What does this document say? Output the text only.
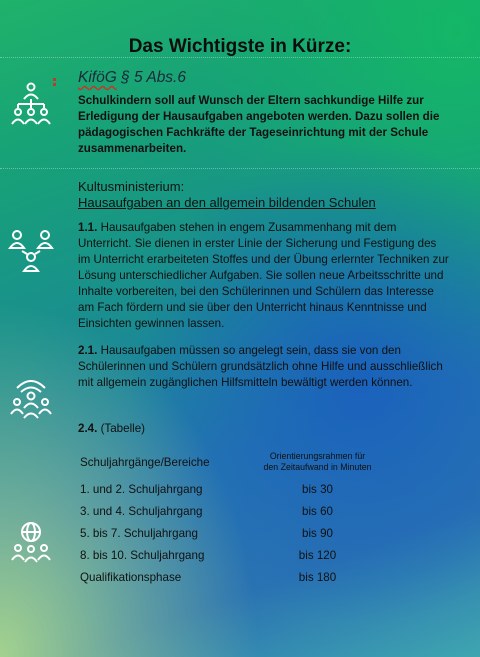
Das Wichtigste in Kürze:
KiföG § 5 Abs.6
Schulkindern soll auf Wunsch der Eltern sachkundige Hilfe zur Erledigung der Hausaufgaben angeboten werden. Dazu sollen die pädagogischen Fachkräfte der Tageseinrichtung mit der Schule zusammenarbeiten.
Kultusministerium:
Hausaufgaben an den allgemein bildenden Schulen
1.1. Hausaufgaben stehen in engem Zusammenhang mit dem Unterricht. Sie dienen in erster Linie der Sicherung und Festigung des im Unterricht erarbeiteten Stoffes und der Übung erlernter Techniken zur Lösung unterschiedlicher Aufgaben. Sie sollen neue Arbeitsschritte und Inhalte vorbereiten, bei den Schülerinnen und Schülern das Interesse am Fach fördern und sie über den Unterricht hinaus Kenntnisse und Einsichten gewinnen lassen.
2.1. Hausaufgaben müssen so angelegt sein, dass sie von den Schülerinnen und Schülern grundsätzlich ohne Hilfe und ausschließlich mit allgemein zugänglichen Hilfsmitteln bewältigt werden können.
2.4. (Tabelle)
Schuljahrgänge/Bereiche	Orientierungsrahmen für
den Zeitaufwand in Minuten
1. und 2. Schuljahrgang	bis 30
3. und 4. Schuljahrgang	bis 60
5. bis 7. Schuljahrgang	bis 90
8. bis 10. Schuljahrgang	bis 120
Qualifikationsphase	bis 180
